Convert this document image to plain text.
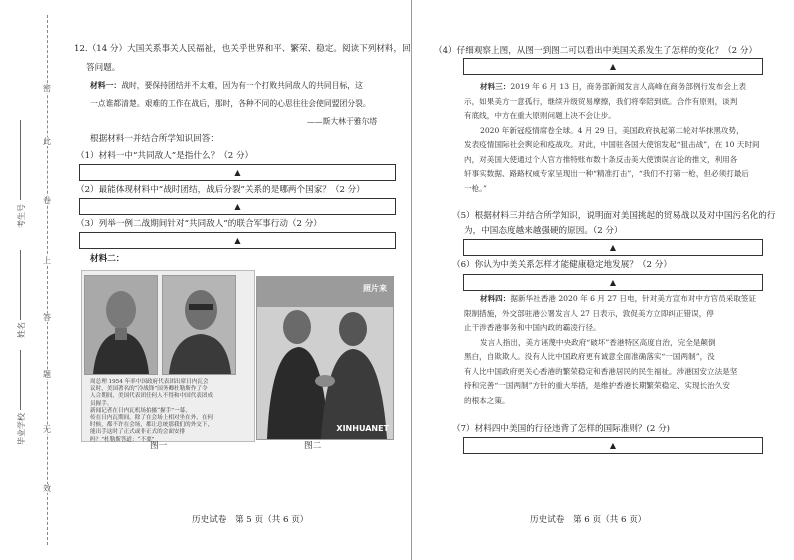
密
此
卷
上
答
题
无
效
考生号
姓名
毕业学校
12.（14 分）大国关系事关人民福祉，也关乎世界和平、繁荣、稳定。阅读下列材料，回
答问题。
材料一：战时，要保持团结并不太难，因为有一个打败共同敌人的共同目标，这
一点谁都清楚。艰难的工作在战后，那时，各种不同的心思往往会使同盟团分裂。
——斯大林于雅尔塔
根据材料一并结合所学知识回答：
（1）材料一中“共同敌人”是指什么？（2 分）
▲
（2）最能体现材料中“战时团结，战后分裂”关系的是哪两个国家？（2 分）
▲
（3）列举一例二战期间针对“共同敌人”的联合军事行动（2 分）
▲
材料二：
周总理 1954 年率中国政府代表团出席日内瓦会
议时，美国著名的“冷战锋”国务卿杜勒斯作了令
人合期间，美国代表团任何人不得和中国代表团成
员握手。
新闻记者在日内瓦机场拍摄“握手”一幕，
传在日内瓦期间，除了在会场上相对坐在外，在何
时候，都不许在会场，都让总统那我们的外交下，
能出手这时了正式或非正式的会面安排
吗？”杜勒斯答道：“不要”
照片来
XINHUANET
图一	图二
历史试卷　第 5 页（共 6 页）
（4）仔细观察上图，从图一到图二可以看出中美国关系发生了怎样的变化？（2 分）
▲
材料三：2019 年 6 月 13 日，商务部新闻发言人高峰在商务部例行发布会上表
示，如果美方一意孤行，继续升级贸易摩擦，我们将奉陪到底。合作有原则，谈判
有底线，中方在重大原则问题上决不会让步。
2020 年新冠疫情席卷全球。4 月 29 日，美国政府执起第二轮对华抹黑攻势，
发表疫情国际社会舆论和疫战攻。对此，中国驻各国大使馆发起“狙击战”，在 10 天时间
内，对美国大使通过个人官方推特账布数十条反击美大使馈误言论的推文，利用各
轩事实数据、路路权威专家呈现出一种“精准打击”，“我们不打第一枪，但必须打最后
一枪。”
（5）根据材料三并结合所学知识，说明面对美国挑起的贸易战以及对中国污名化的行
为，中国态度越来越强硬的原因。（2 分）
▲
（6）你认为中美关系怎样才能健康稳定地发展？（2 分）
▲
材料四：据新华社香港 2020 年 6 月 27 日电，针对美方宣布对中方官员采取签证
限制措施，外交部驻港公署发言人 27 日表示，敦促美方立即纠正错误，停
止干涉香港事务和中国内政的霸凌行径。
发言人指出，美方诬蔑中央政府“破坏”香港特区高度自治，完全是颠倒
黑白，自欺欺人。没有人比中国政府更有诚意全面准确落实“一国两制”，没
有人比中国政府更关心香港的繁荣稳定和香港居民的民生福祉。涉港国安立法是坚
持和完善“一国两制”方针的重大举措，是维护香港长期繁荣稳定、实现长治久安
的根本之策。
（7）材料四中美国的行径违背了怎样的国际准则？(2 分)
▲
历史试卷　第 6 页（共 6 页）
